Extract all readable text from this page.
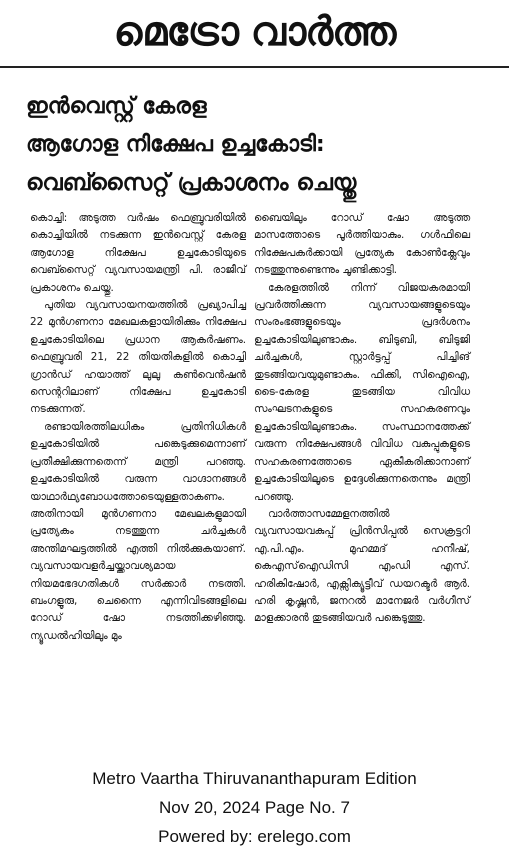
മെട്രോ വാർത്ത
ഇൻവെസ്റ്റ് കേരള
ആഗോള നിക്ഷേപ ഉച്ചകോടി:
വെബ്സൈറ്റ് പ്രകാശനം ചെയ്തു

കൊച്ചി: അടുത്ത വർഷം ഫെബ്രുവരിയിൽ കൊച്ചിയിൽ നടക്കുന്ന ഇൻവെസ്റ്റ് കേരള ആഗോള നിക്ഷേപ ഉച്ചകോടിയുടെ വെബ്സൈറ്റ് വ്യവസായമന്ത്രി പി. രാജീവ് പ്രകാശനം ചെയ്തു.

പുതിയ വ്യവസായനയത്തിൽ പ്രഖ്യാപിച്ച 22 മുൻഗണനാ മേഖലകളായിരിക്കും നിക്ഷേപ ഉച്ചകോടിയിലെ പ്രധാന ആകർഷണം. ഫെബ്രുവരി 21, 22 തിയതികളിൽ കൊച്ചി ഗ്രാൻഡ് ഹയാത്ത് ലുലു കൺവെൻഷൻ സെന്ററിലാണ് നിക്ഷേപ ഉച്ചകോടി നടക്കുന്നത്.

രണ്ടായിരത്തിലധികം പ്രതിനിധികൾ ഉച്ചകോടിയിൽ പങ്കെടുക്കുമെന്നാണ് പ്രതീക്ഷിക്കുന്നതെന്ന് മന്ത്രി പറഞ്ഞു. ഉച്ചകോടിയിൽ വരുന്ന വാഗ്ദാനങ്ങൾ യാഥാർഥ്യബോധത്തോടെയുള്ളതാകണം. അതിനായി മുൻഗണനാ മേഖലകളുമായി പ്രത്യേകം നടത്തുന്ന ചർച്ചകൾ അന്തിമഘട്ടത്തിൽ എത്തി നിൽക്കുകയാണ്. വ്യവസായവളർച്ചയ്ക്കാവശ്യമായ നിയമഭേദഗതികൾ സർക്കാർ നടത്തി. ബംഗളൂരു, ചെന്നൈ എന്നിവിടങ്ങളിലെ റോഡ് ഷോ നടത്തിക്കഴിഞ്ഞു. ന്യൂഡൽഹിയിലും മും

ബൈയിലും റോഡ് ഷോ അടുത്ത മാസത്തോടെ പൂർത്തിയാകും. ഗൾഫിലെ നിക്ഷേപകർക്കായി പ്രത്യേക കോൺക്ലേവും നടത്തുന്നുണ്ടെന്നും ചൂണ്ടിക്കാട്ടി.

കേരളത്തിൽ നിന്ന് വിജയകരമായി പ്രവർത്തിക്കുന്ന വ്യവസായങ്ങളുടെയും സംരംഭങ്ങളുടെയും പ്രദർശനം ഉച്ചകോടിയിലുണ്ടാകും. ബിടുബി, ബിടുജി ചർച്ചകൾ, സ്റ്റാർട്ടപ്പ് പിച്ചിങ് തുടങ്ങിയവയുമുണ്ടാകും. ഫിക്കി, സിഐഐ, ടൈ-കേരള തുടങ്ങിയ വിവിധ സംഘടനകളുടെ സഹകരണവും ഉച്ചകോടിയിലുണ്ടാകും. സംസ്ഥാനത്തേക്ക് വരുന്ന നിക്ഷേപങ്ങൾ വിവിധ വകുപ്പുകളുടെ സഹകരണത്തോടെ ഏകീകരിക്കാനാണ് ഉച്ചകോടിയിലൂടെ ഉദ്ദേശിക്കുന്നതെന്നും മന്ത്രി പറഞ്ഞു.

വാർത്താസമ്മേളനത്തിൽ വ്യവസായവകുപ്പ് പ്രിൻസിപ്പൽ സെക്രട്ടറി എ.പി.എം. മുഹമ്മദ് ഹനീഷ്, കെഎസ്ഐഡിസി എംഡി എസ്. ഹരികിഷോർ, എക്സിക്യൂട്ടീവ് ഡയറക്ടർ ആർ. ഹരി കൃഷ്ണൻ, ജനറൽ മാനേജർ വർഗീസ് മാളക്കാരൻ തുടങ്ങിയവർ പങ്കെടുത്തു.

Metro Vaartha Thiruvananthapuram Edition
Nov 20, 2024 Page No. 7
Powered by: erelego.com
